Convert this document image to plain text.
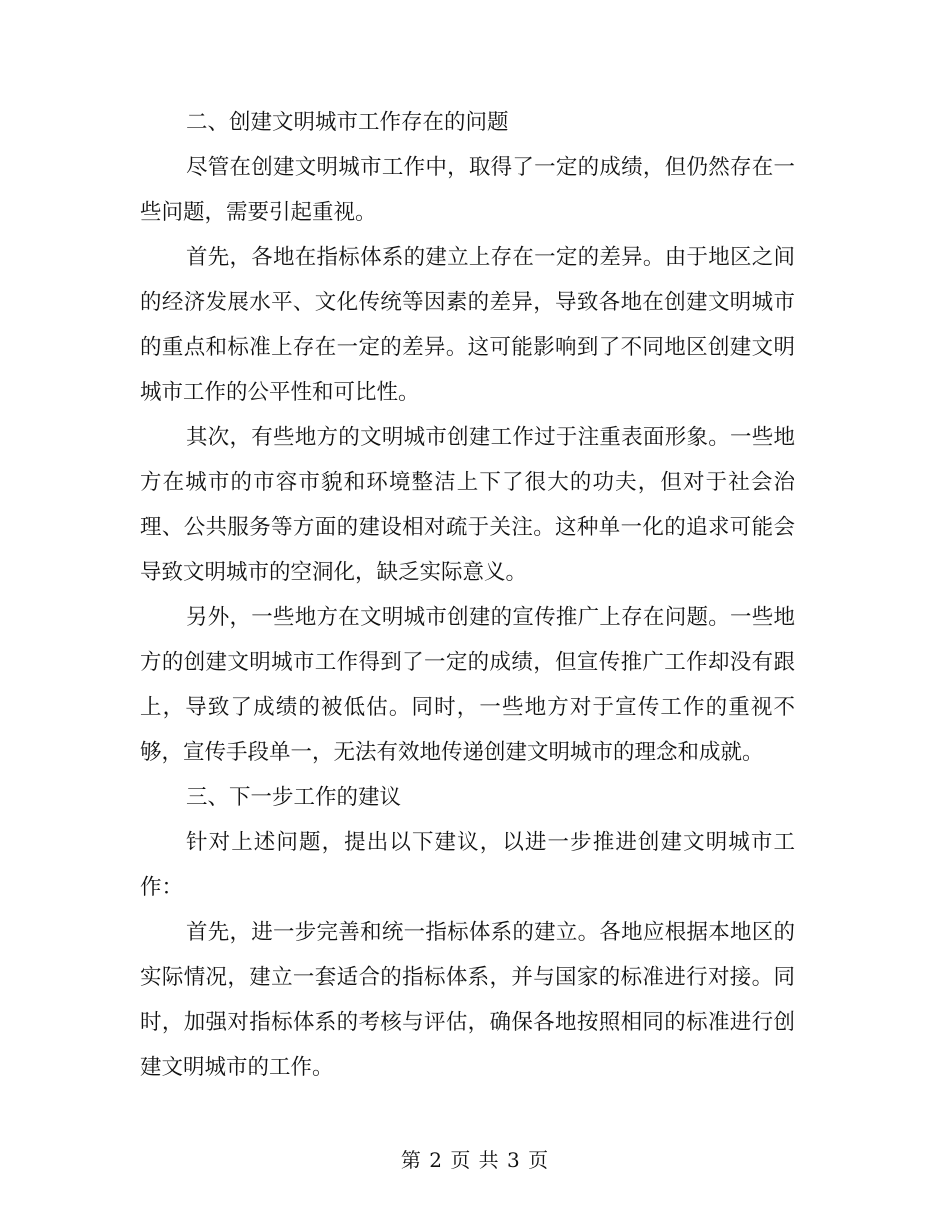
二、创建文明城市工作存在的问题

尽管在创建文明城市工作中，取得了一定的成绩，但仍然存在一些问题，需要引起重视。

首先，各地在指标体系的建立上存在一定的差异。由于地区之间的经济发展水平、文化传统等因素的差异，导致各地在创建文明城市的重点和标准上存在一定的差异。这可能影响到了不同地区创建文明城市工作的公平性和可比性。

其次，有些地方的文明城市创建工作过于注重表面形象。一些地方在城市的市容市貌和环境整洁上下了很大的功夫，但对于社会治理、公共服务等方面的建设相对疏于关注。这种单一化的追求可能会导致文明城市的空洞化，缺乏实际意义。

另外，一些地方在文明城市创建的宣传推广上存在问题。一些地方的创建文明城市工作得到了一定的成绩，但宣传推广工作却没有跟上，导致了成绩的被低估。同时，一些地方对于宣传工作的重视不够，宣传手段单一，无法有效地传递创建文明城市的理念和成就。

三、下一步工作的建议

针对上述问题，提出以下建议，以进一步推进创建文明城市工作：

首先，进一步完善和统一指标体系的建立。各地应根据本地区的实际情况，建立一套适合的指标体系，并与国家的标准进行对接。同时，加强对指标体系的考核与评估，确保各地按照相同的标准进行创建文明城市的工作。

第 2 页 共 3 页
